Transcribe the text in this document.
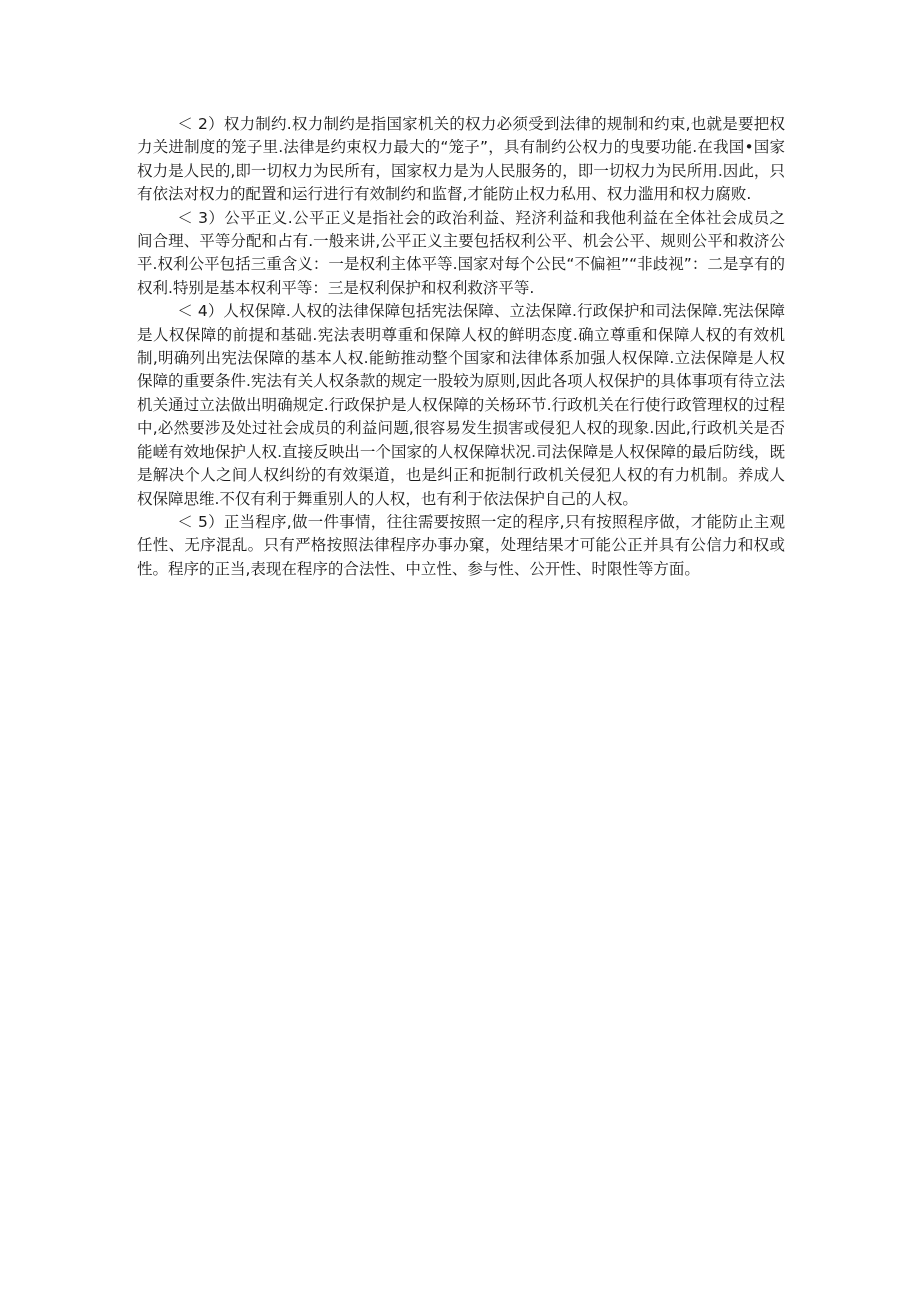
＜ 2）权力制约.权力制约是指国家机关的权力必须受到法律的规制和约束,也就是要把权力关进制度的笼子里.法律是约束权力最大的“笼子”，具有制约公权力的曳要功能.在我国•国家权力是人民的,即一切权力为民所有，国家权力是为人民服务的，即一切权力为民所用.因此，只有依法对权力的配置和运行进行有效制约和监督,才能防止权力私用、权力滥用和权力腐败.

＜ 3）公平正义.公平正义是指社会的政治利益、羟济利益和我他利益在全体社会成员之间合理、平等分配和占有.一般来讲,公平正义主要包括权利公平、机会公平、规则公平和救济公平.权利公平包括三重含义：一是权利主体平等.国家对每个公民“不偏袒”“非歧视”：二是享有的权利.特别是基本权利平等：三是权利保护和权利救济平等.

＜ 4）人权保障.人权的法律保障包括宪法保障、立法保障.行政保护和司法保障.宪法保障是人权保障的前提和基础.宪法表明尊重和保障人权的鲜明态度.确立尊重和保障人权的有效机制,明确列出宪法保障的基本人权.能鲂推动整个国家和法律体系加强人权保障.立法保障是人权保障的重要条件.宪法有关人权条款的规定一股较为原则,因此各项人权保护的具体事项有待立法机关通过立法做出明确规定.行政保护是人权保障的关杨环节.行政机关在行使行政管理权的过程中,必然要涉及处过社会成员的利益问题,很容易发生损害或侵犯人权的现象.因此,行政机关是否能嵯有效地保护人权.直接反映出一个国家的人权保障状况.司法保障是人权保障的最后防线，既是解决个人之间人权纠纷的有效渠道，也是纠正和扼制行政机关侵犯人权的有力机制。养成人权保障思维.不仅有利于舞重别人的人权，也有利于依法保护自己的人权。

＜ 5）正当程序,做一件事情，往往需要按照一定的程序,只有按照程序做，才能防止主观任性、无序混乱。只有严格按照法律程序办事办窠，处理结果才可能公正并具有公信力和权或性。程序的正当,表现在程序的合法性、中立性、参与性、公开性、时限性等方面。
